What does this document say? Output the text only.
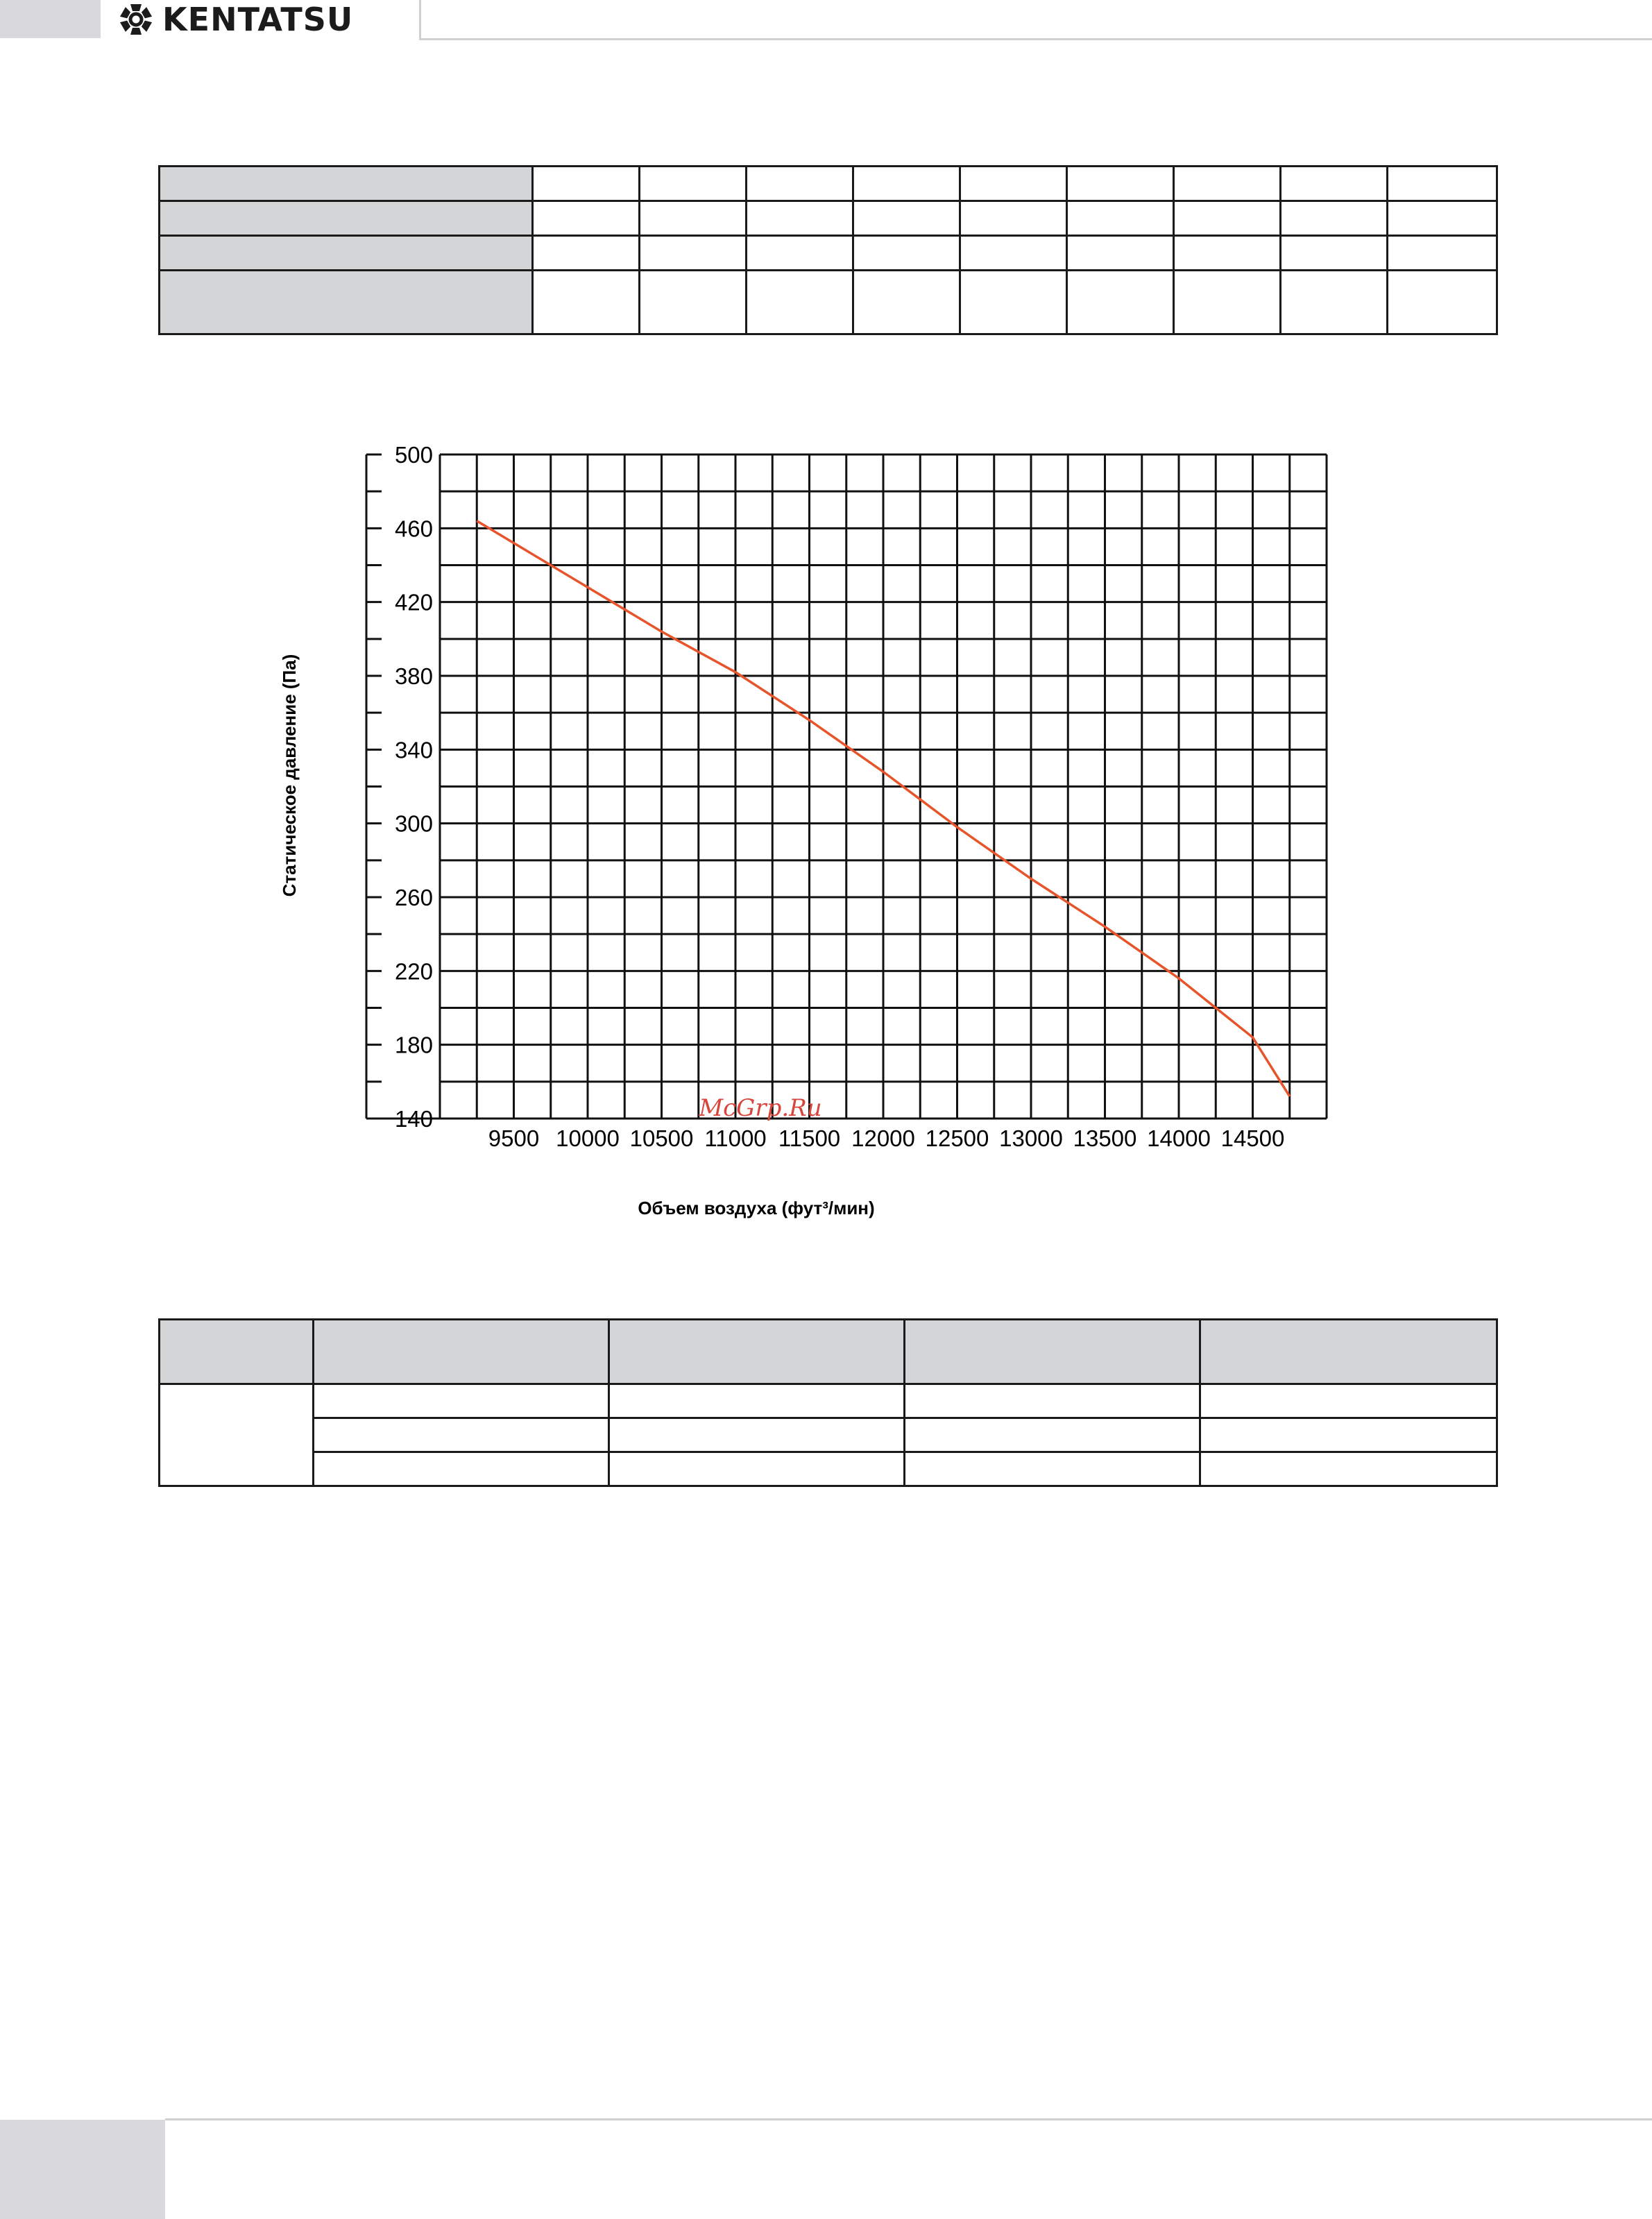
KENTATSU

500
460
420
380
340
300
260
220
180
140
9500 10000 10500 11000 11500 12000 12500 13000 13500 14000 14500
Статическое давление (Па)
Объем воздуха (фут³/мин)
McGrp.Ru
